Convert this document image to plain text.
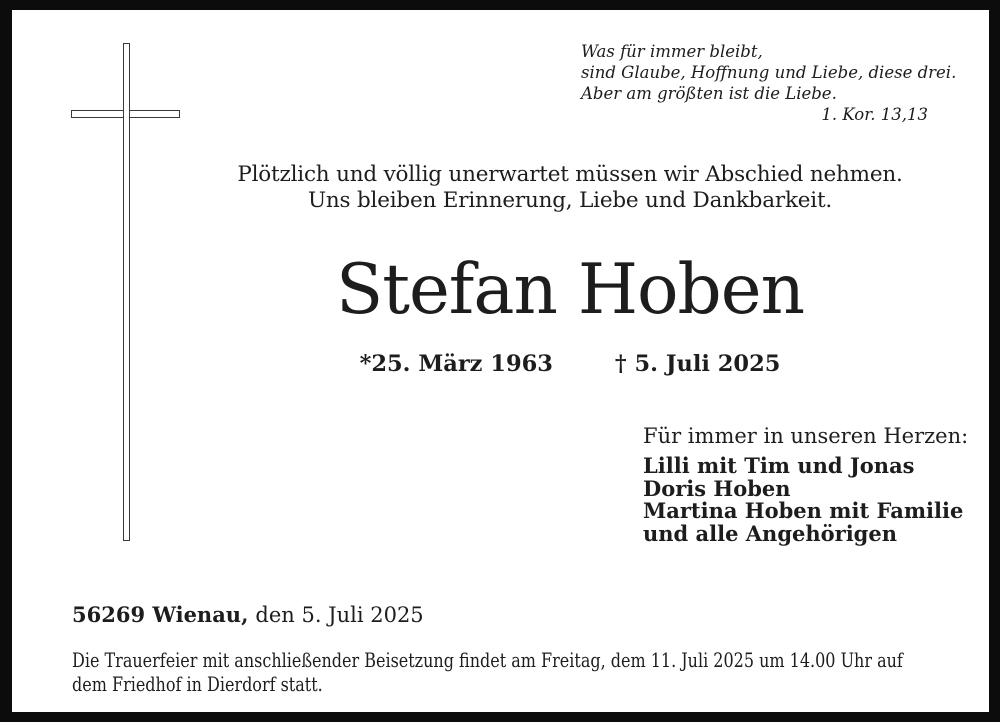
Was für immer bleibt,
sind Glaube, Hoffnung und Liebe, diese drei.
Aber am größten ist die Liebe.
1. Kor. 13,13
Plötzlich und völlig unerwartet müssen wir Abschied nehmen.
Uns bleiben Erinnerung, Liebe und Dankbarkeit.
Stefan Hoben
*25. März 1963	† 5. Juli 2025
Für immer in unseren Herzen:
Lilli mit Tim und Jonas
Doris Hoben
Martina Hoben mit Familie
und alle Angehörigen
56269 Wienau, den 5. Juli 2025
Die Trauerfeier mit anschließender Beisetzung findet am Freitag, dem 11. Juli 2025 um 14.00 Uhr auf
dem Friedhof in Dierdorf statt.
